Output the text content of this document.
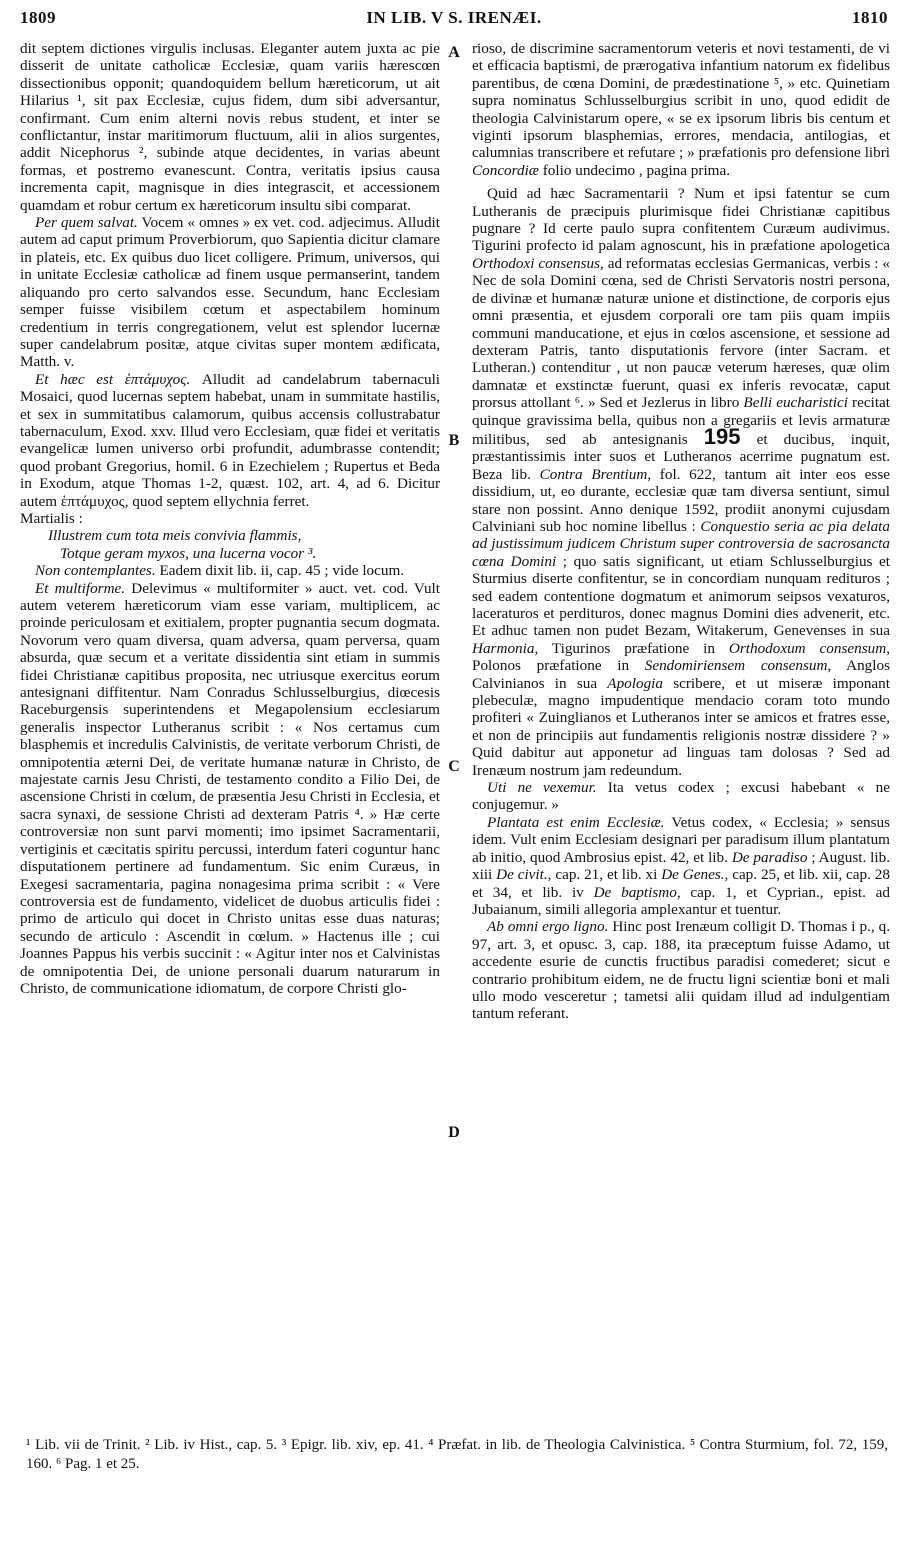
1809	IN LIB. V S. IRENÆI.	1810
A
B
C
D

dit septem dictiones virgulis inclusas. Eleganter autem juxta ac pie disserit de unitate catholicæ Ecclesiæ, quam variis hærescœn dissectionibus opponit; quandoquidem bellum hæreticorum, ut ait Hilarius ¹, sit pax Ecclesiæ, cujus fidem, dum sibi adversantur, confirmant. Cum enim alterni novis rebus student, et inter se conflictantur, instar maritimorum fluctuum, alii in alios surgentes, addit Nicephorus ², subinde atque decidentes, in varias abeunt formas, et postremo evanescunt. Contra, veritatis ipsius causa incrementa capit, magnisque in dies integrascit, et accessionem quamdam et robur certum ex hæreticorum insultu sibi comparat.

Per quem salvat. Vocem « omnes » ex vet. cod. adjecimus. Alludit autem ad caput primum Proverbiorum, quo Sapientia dicitur clamare in plateis, etc. Ex quibus duo licet colligere. Primum, universos, qui in unitate Ecclesiæ catholicæ ad finem usque permanserint, tandem aliquando pro certo salvandos esse. Secundum, hanc Ecclesiam semper fuisse visibilem cœtum et aspectabilem hominum credentium in terris congregationem, velut est splendor lucernæ super candelabrum positæ, atque civitas super montem ædificata, Matth. v.

Et hæc est ἑπτάμυχος. Alludit ad candelabrum tabernaculi Mosaici, quod lucernas septem habebat, unam in summitate hastilis, et sex in summitatibus calamorum, quibus accensis collustrabatur tabernaculum, Exod. xxv. Illud vero Ecclesiam, quæ fidei et veritatis evangelicæ lumen universo orbi profundit, adumbrasse contendit; quod probant Gregorius, homil. 6 in Ezechielem ; Rupertus et Beda in Exodum, atque Thomas 1-2, quæst. 102, art. 4, ad 6. Dicitur autem ἑπτάμυχος, quod septem ellychnia ferret.

Martialis :

Illustrem cum tota meis convivia flammis,

Totque geram myxos, una lucerna vocor ³.

Non contemplantes. Eadem dixit lib. ii, cap. 45 ; vide locum.

Et multiforme. Delevimus « multiformiter » auct. vet. cod. Vult autem veterem hæreticorum viam esse variam, multiplicem, ac proinde periculosam et exitialem, propter pugnantia secum dogmata. Novorum vero quam diversa, quam adversa, quam perversa, quam absurda, quæ secum et a veritate dissidentia sint etiam in summis fidei Christianæ capitibus proposita, nec utriusque exercitus eorum antesignani diffitentur. Nam Conradus Schlusselburgius, diœcesis Raceburgensis superintendens et Megapolensium ecclesiarum generalis inspector Lutheranus scribit : « Nos certamus cum blasphemis et incredulis Calvinistis, de veritate verborum Christi, de omnipotentia æterni Dei, de veritate humanæ naturæ in Christo, de majestate carnis Jesu Christi, de testamento condito a Filio Dei, de ascensione Christi in cœlum, de præsentia Jesu Christi in Ecclesia, et sacra synaxi, de sessione Christi ad dexteram Patris ⁴. » Hæ certe controversiæ non sunt parvi momenti; imo ipsimet Sacramentarii, vertiginis et cæcitatis spiritu percussi, interdum fateri coguntur hanc disputationem pertinere ad fundamentum. Sic enim Curæus, in Exegesi sacramentaria, pagina nonagesima prima scribit : « Vere controversia est de fundamento, videlicet de duobus articulis fidei : primo de articulo qui docet in Christo unitas esse duas naturas; secundo de articulo : Ascendit in cœlum. » Hactenus ille ; cui Joannes Pappus his verbis succinit : « Agitur inter nos et Calvinistas de omnipotentia Dei, de unione personali duarum naturarum in Christo, de communicatione idiomatum, de corpore Christi glo-

rioso, de discrimine sacramentorum veteris et novi testamenti, de vi et efficacia baptismi, de prærogativa infantium natorum ex fidelibus parentibus, de cœna Domini, de prædestinatione ⁵, » etc. Quinetiam supra nominatus Schlusselburgius scribit in uno, quod edidit de theologia Calvinistarum opere, « se ex ipsorum libris bis centum et viginti ipsorum blasphemias, errores, mendacia, antilogias, et calumnias transcribere et refutare ; » præfationis pro defensione libri Concordiæ folio undecimo , pagina prima.

Quid ad hæc Sacramentarii ? Num et ipsi fatentur se cum Lutheranis de præcipuis plurimisque fidei Christianæ capitibus pugnare ? Id certe paulo supra confitentem Curæum audivimus. Tigurini profecto id palam agnoscunt, his in præfatione apologetica Orthodoxi consensus, ad reformatas ecclesias Germanicas, verbis : « Nec de sola Domini cœna, sed de Christi Servatoris nostri persona, de divinæ et humanæ naturæ unione et distinctione, de corporis ejus omni præsentia, et ejusdem corporali ore tam piis quam impiis communi manducatione, et ejus in cœlos ascensione, et sessione ad dexteram Patris, tanto disputationis fervore (inter Sacram. et Lutheran.) contenditur , ut non paucæ veterum hæreses, quæ olim damnatæ et exstinctæ fuerunt, quasi ex inferis revocatæ, caput prorsus attollant ⁶. » Sed et Jezlerus in libro Belli eucharistici recitat quinque gravissima bella, quibus non a gregariis et levis armaturæ militibus, sed ab antesignanis 195 et ducibus, inquit, præstantissimis inter suos et Lutheranos acerrime pugnatum est. Beza lib. Contra Brentium, fol. 622, tantum ait inter eos esse dissidium, ut, eo durante, ecclesiæ quæ tam diversa sentiunt, simul stare non possint. Anno denique 1592, prodiit anonymi cujusdam Calviniani sub hoc nomine libellus : Conquestio seria ac pia delata ad justissimum judicem Christum super controversia de sacrosancta cœna Domini ; quo satis significant, ut etiam Schlusselburgius et Sturmius diserte confitentur, se in concordiam nunquam redituros ; sed eadem contentione dogmatum et animorum seipsos vexaturos, laceraturos et perdituros, donec magnus Domini dies advenerit, etc. Et adhuc tamen non pudet Bezam, Witakerum, Genevenses in sua Harmonia, Tigurinos præfatione in Orthodoxum consensum, Polonos præfatione in Sendomiriensem consensum, Anglos Calvinianos in sua Apologia scribere, et ut miseræ imponant plebeculæ, magno impudentique mendacio coram toto mundo profiteri « Zuinglianos et Lutheranos inter se amicos et fratres esse, et non de principiis aut fundamentis religionis nostræ dissidere ? » Quid dabitur aut apponetur ad linguas tam dolosas ? Sed ad Irenæum nostrum jam redeundum.

Uti ne vexemur. Ita vetus codex ; excusi habebant « ne conjugemur. »

Plantata est enim Ecclesiæ. Vetus codex, « Ecclesia; » sensus idem. Vult enim Ecclesiam designari per paradisum illum plantatum ab initio, quod Ambrosius epist. 42, et lib. De paradiso ; August. lib. xiii De civit., cap. 21, et lib. xi De Genes., cap. 25, et lib. xii, cap. 28 et 34, et lib. iv De baptismo, cap. 1, et Cyprian., epist. ad Jubaianum, simili allegoria amplexantur et tuentur.

Ab omni ergo ligno. Hinc post Irenæum colligit D. Thomas i p., q. 97, art. 3, et opusc. 3, cap. 188, ita præceptum fuisse Adamo, ut accedente esurie de cunctis fructibus paradisi comederet; sicut e contrario prohibitum eidem, ne de fructu ligni scientiæ boni et mali ullo modo vesceretur ; tametsi alii quidam illud ad indulgentiam tantum referant.

¹ Lib. vii de Trinit. ² Lib. iv Hist., cap. 5. ³ Epigr. lib. xiv, ep. 41. ⁴ Præfat. in lib. de Theologia Calvinistica. ⁵ Contra Sturmium, fol. 72, 159, 160. ⁶ Pag. 1 et 25.
